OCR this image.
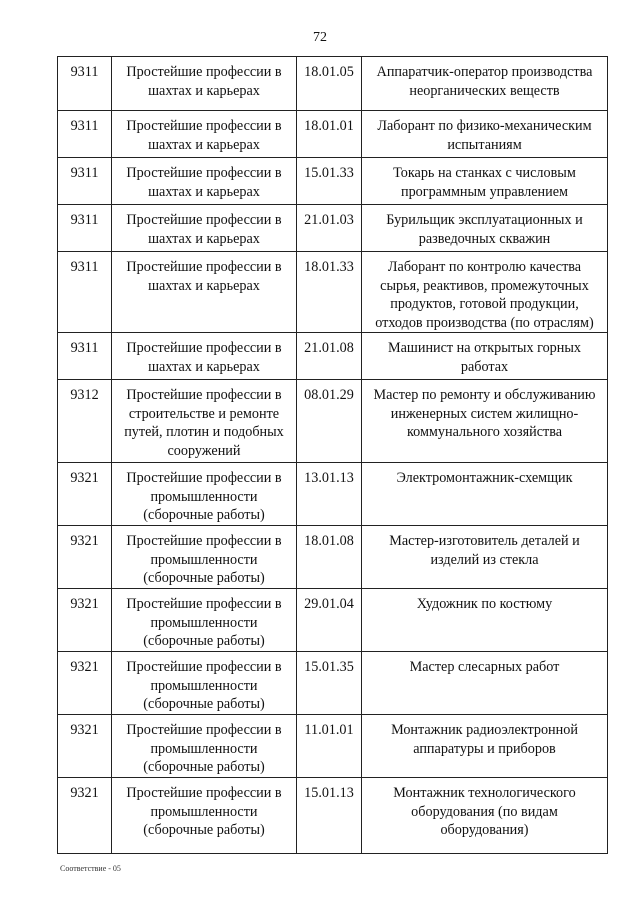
72
9311	Простейшие профессии в шахтах и карьерах	18.01.05	Аппаратчик-оператор производства неорганических веществ
9311	Простейшие профессии в шахтах и карьерах	18.01.01	Лаборант по физико-механическим испытаниям
9311	Простейшие профессии в шахтах и карьерах	15.01.33	Токарь на станках с числовым программным управлением
9311	Простейшие профессии в шахтах и карьерах	21.01.03	Бурильщик эксплуатационных и разведочных скважин
9311	Простейшие профессии в шахтах и карьерах	18.01.33	Лаборант по контролю качества сырья, реактивов, промежуточных продуктов, готовой продукции, отходов производства (по отраслям)
9311	Простейшие профессии в шахтах и карьерах	21.01.08	Машинист на открытых горных работах
9312	Простейшие профессии в строительстве и ремонте путей, плотин и подобных сооружений	08.01.29	Мастер по ремонту и обслуживанию инженерных систем жилищно-коммунального хозяйства
9321	Простейшие профессии в промышленности (сборочные работы)	13.01.13	Электромонтажник-схемщик
9321	Простейшие профессии в промышленности (сборочные работы)	18.01.08	Мастер-изготовитель деталей и изделий из стекла
9321	Простейшие профессии в промышленности (сборочные работы)	29.01.04	Художник по костюму
9321	Простейшие профессии в промышленности (сборочные работы)	15.01.35	Мастер слесарных работ
9321	Простейшие профессии в промышленности (сборочные работы)	11.01.01	Монтажник радиоэлектронной аппаратуры и приборов
9321	Простейшие профессии в промышленности (сборочные работы)	15.01.13	Монтажник технологического оборудования (по видам оборудования)
Соответствие - 05
